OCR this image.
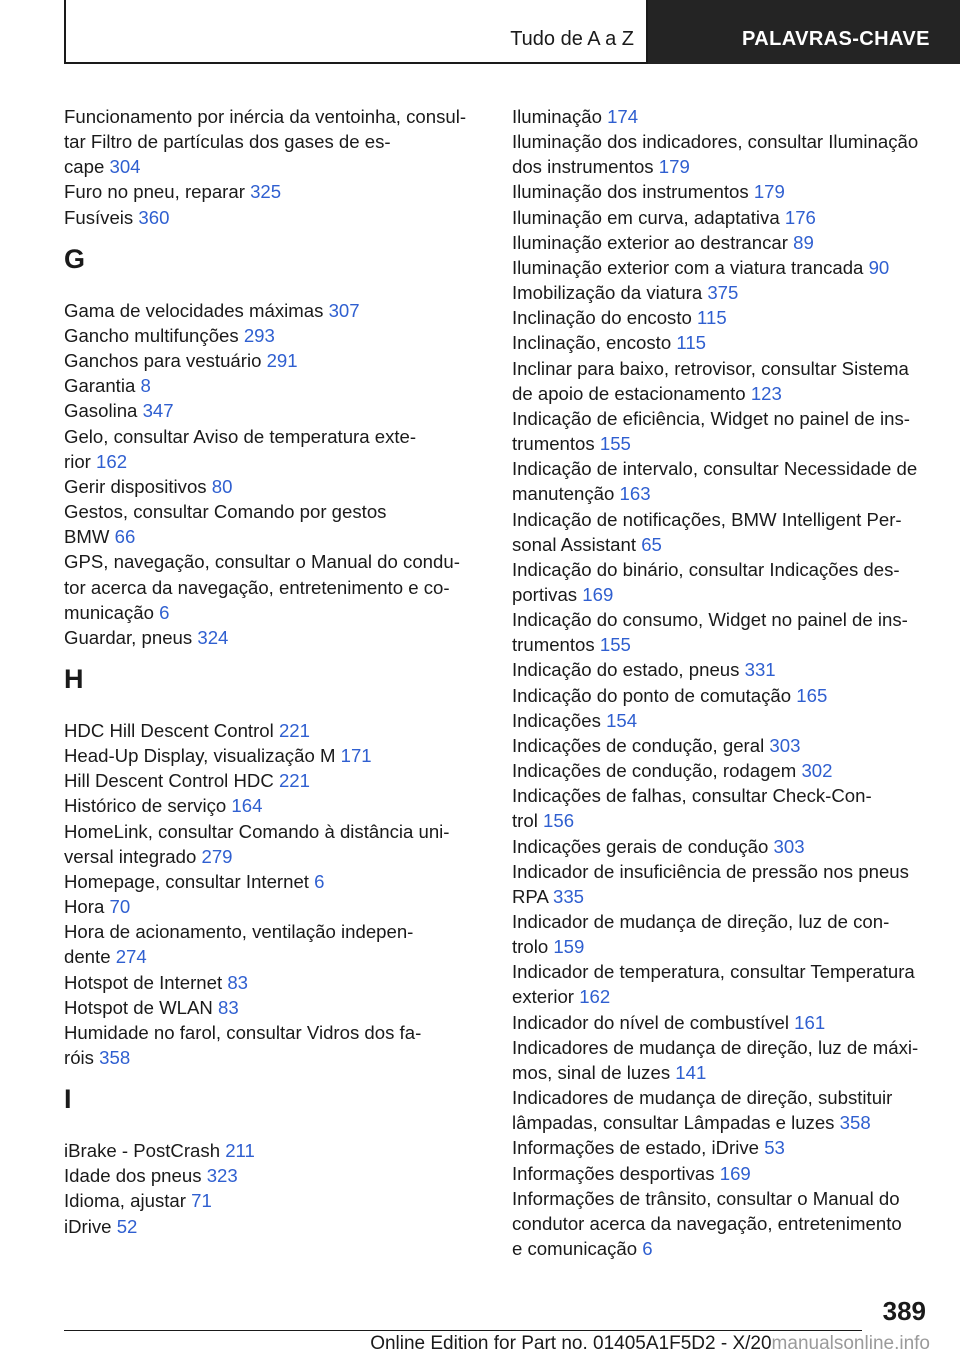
Tudo de A a Z	PALAVRAS-CHAVE
Funcionamento por inércia da ventoinha, consul-
tar Filtro de partículas dos gases de es-
cape 304
Furo no pneu, reparar 325
Fusíveis 360
G
Gama de velocidades máximas 307
Gancho multifunções 293
Ganchos para vestuário 291
Garantia 8
Gasolina 347
Gelo, consultar Aviso de temperatura exte-
rior 162
Gerir dispositivos 80
Gestos, consultar Comando por gestos
BMW 66
GPS, navegação, consultar o Manual do condu-
tor acerca da navegação, entretenimento e co-
municação 6
Guardar, pneus 324
H
HDC Hill Descent Control 221
Head-Up Display, visualização M 171
Hill Descent Control HDC 221
Histórico de serviço 164
HomeLink, consultar Comando à distância uni-
versal integrado 279
Homepage, consultar Internet 6
Hora 70
Hora de acionamento, ventilação indepen-
dente 274
Hotspot de Internet 83
Hotspot de WLAN 83
Humidade no farol, consultar Vidros dos fa-
róis 358
I
iBrake - PostCrash 211
Idade dos pneus 323
Idioma, ajustar 71
iDrive 52
Iluminação 174
Iluminação dos indicadores, consultar Iluminação
dos instrumentos 179
Iluminação dos instrumentos 179
Iluminação em curva, adaptativa 176
Iluminação exterior ao destrancar 89
Iluminação exterior com a viatura trancada 90
Imobilização da viatura 375
Inclinação do encosto 115
Inclinação, encosto 115
Inclinar para baixo, retrovisor, consultar Sistema
de apoio de estacionamento 123
Indicação de eficiência, Widget no painel de ins-
trumentos 155
Indicação de intervalo, consultar Necessidade de
manutenção 163
Indicação de notificações, BMW Intelligent Per-
sonal Assistant 65
Indicação do binário, consultar Indicações des-
portivas 169
Indicação do consumo, Widget no painel de ins-
trumentos 155
Indicação do estado, pneus 331
Indicação do ponto de comutação 165
Indicações 154
Indicações de condução, geral 303
Indicações de condução, rodagem 302
Indicações de falhas, consultar Check-Con-
trol 156
Indicações gerais de condução 303
Indicador de insuficiência de pressão nos pneus
RPA 335
Indicador de mudança de direção, luz de con-
trolo 159
Indicador de temperatura, consultar Temperatura
exterior 162
Indicador do nível de combustível 161
Indicadores de mudança de direção, luz de máxi-
mos, sinal de luzes 141
Indicadores de mudança de direção, substituir
lâmpadas, consultar Lâmpadas e luzes 358
Informações de estado, iDrive 53
Informações desportivas 169
Informações de trânsito, consultar o Manual do
condutor acerca da navegação, entretenimento
e comunicação 6
389
Online Edition for Part no. 01405A1F5D2 - X/20manualsonline.info
